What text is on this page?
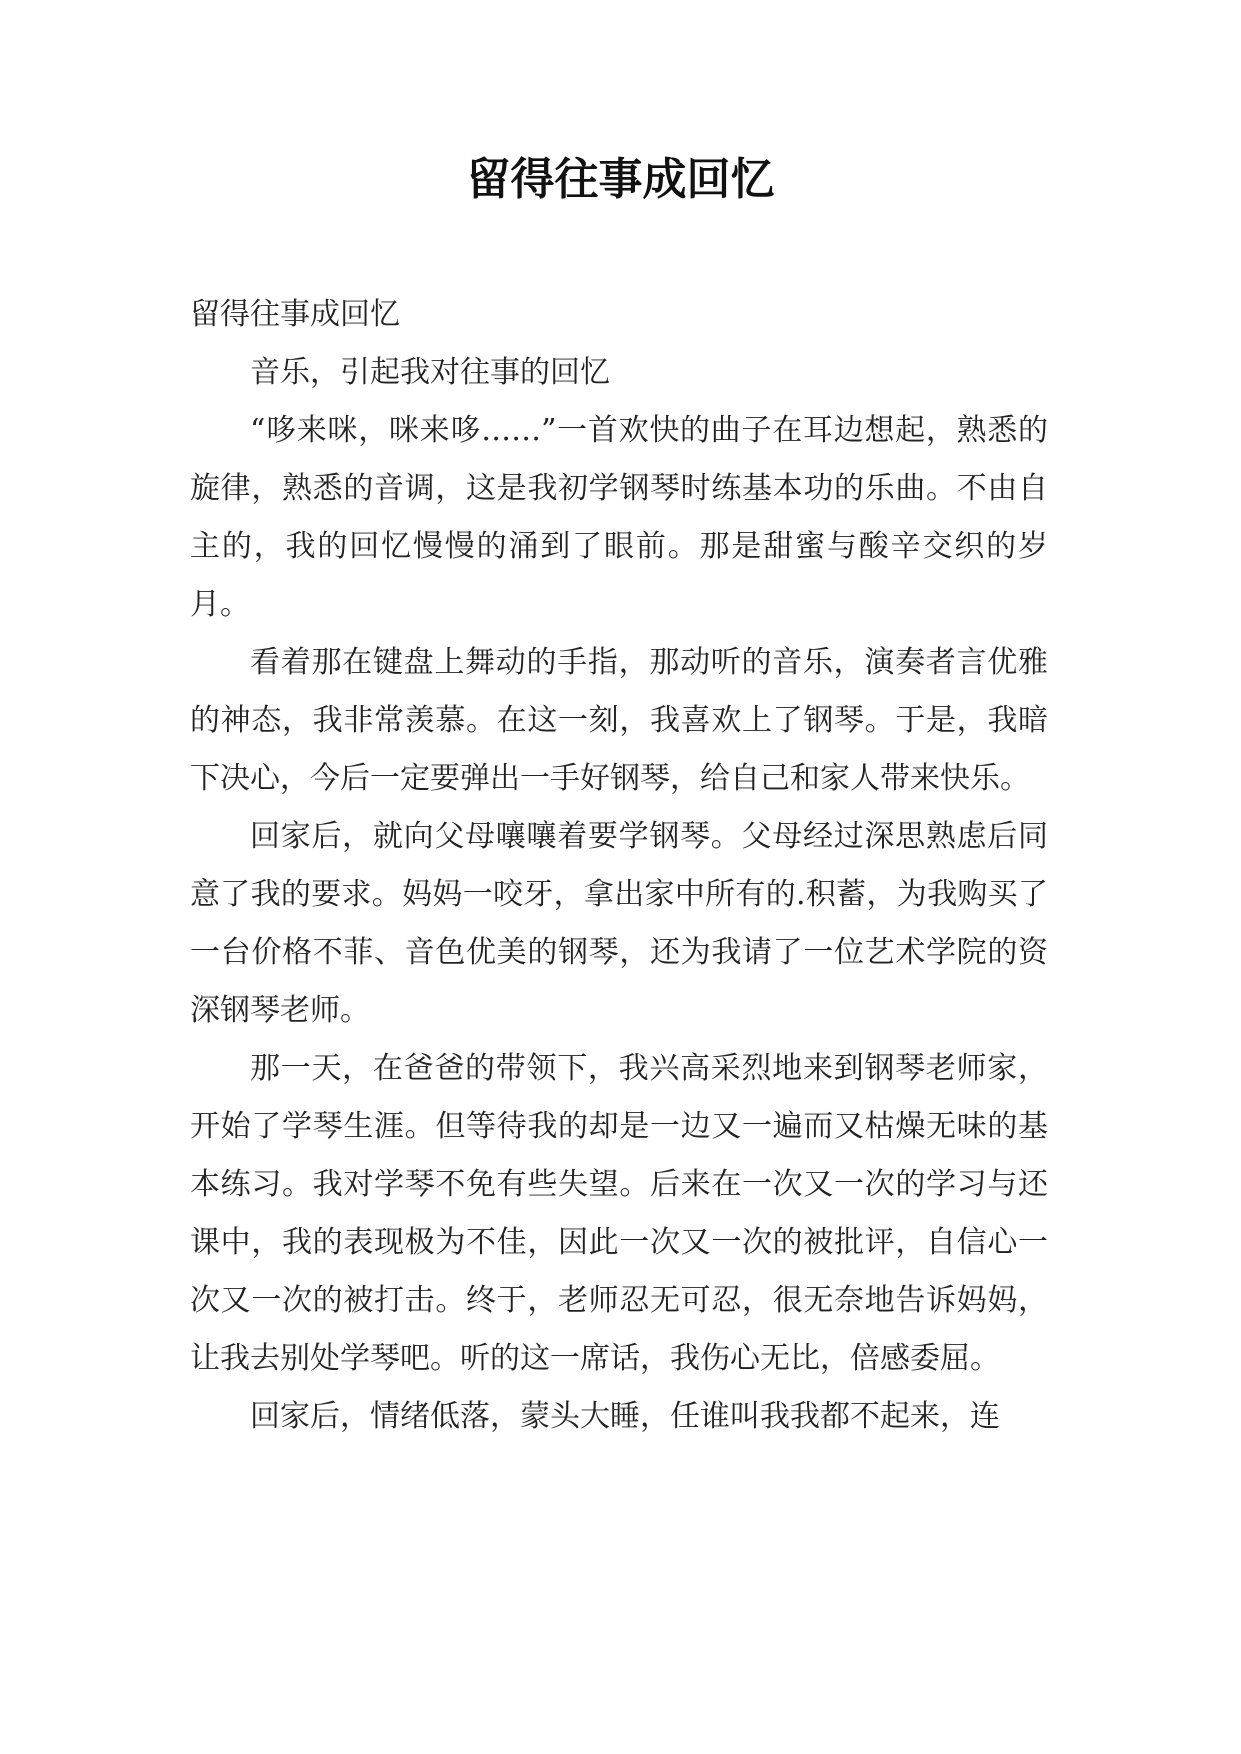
留得往事成回忆

留得往事成回忆

音乐，引起我对往事的回忆

“哆来咪，咪来哆……”一首欢快的曲子在耳边想起，熟悉的旋律，熟悉的音调，这是我初学钢琴时练基本功的乐曲。不由自主的，我的回忆慢慢的涌到了眼前。那是甜蜜与酸辛交织的岁月。

看着那在键盘上舞动的手指，那动听的音乐，演奏者言优雅的神态，我非常羡慕。在这一刻，我喜欢上了钢琴。于是，我暗下决心，今后一定要弹出一手好钢琴，给自己和家人带来快乐。

回家后，就向父母嚷嚷着要学钢琴。父母经过深思熟虑后同意了我的要求。妈妈一咬牙，拿出家中所有的.积蓄，为我购买了一台价格不菲、音色优美的钢琴，还为我请了一位艺术学院的资深钢琴老师。

那一天，在爸爸的带领下，我兴高采烈地来到钢琴老师家，开始了学琴生涯。但等待我的却是一边又一遍而又枯燥无味的基本练习。我对学琴不免有些失望。后来在一次又一次的学习与还课中，我的表现极为不佳，因此一次又一次的被批评，自信心一次又一次的被打击。终于，老师忍无可忍，很无奈地告诉妈妈，让我去别处学琴吧。听的这一席话，我伤心无比，倍感委屈。

回家后，情绪低落，蒙头大睡，任谁叫我我都不起来，连
